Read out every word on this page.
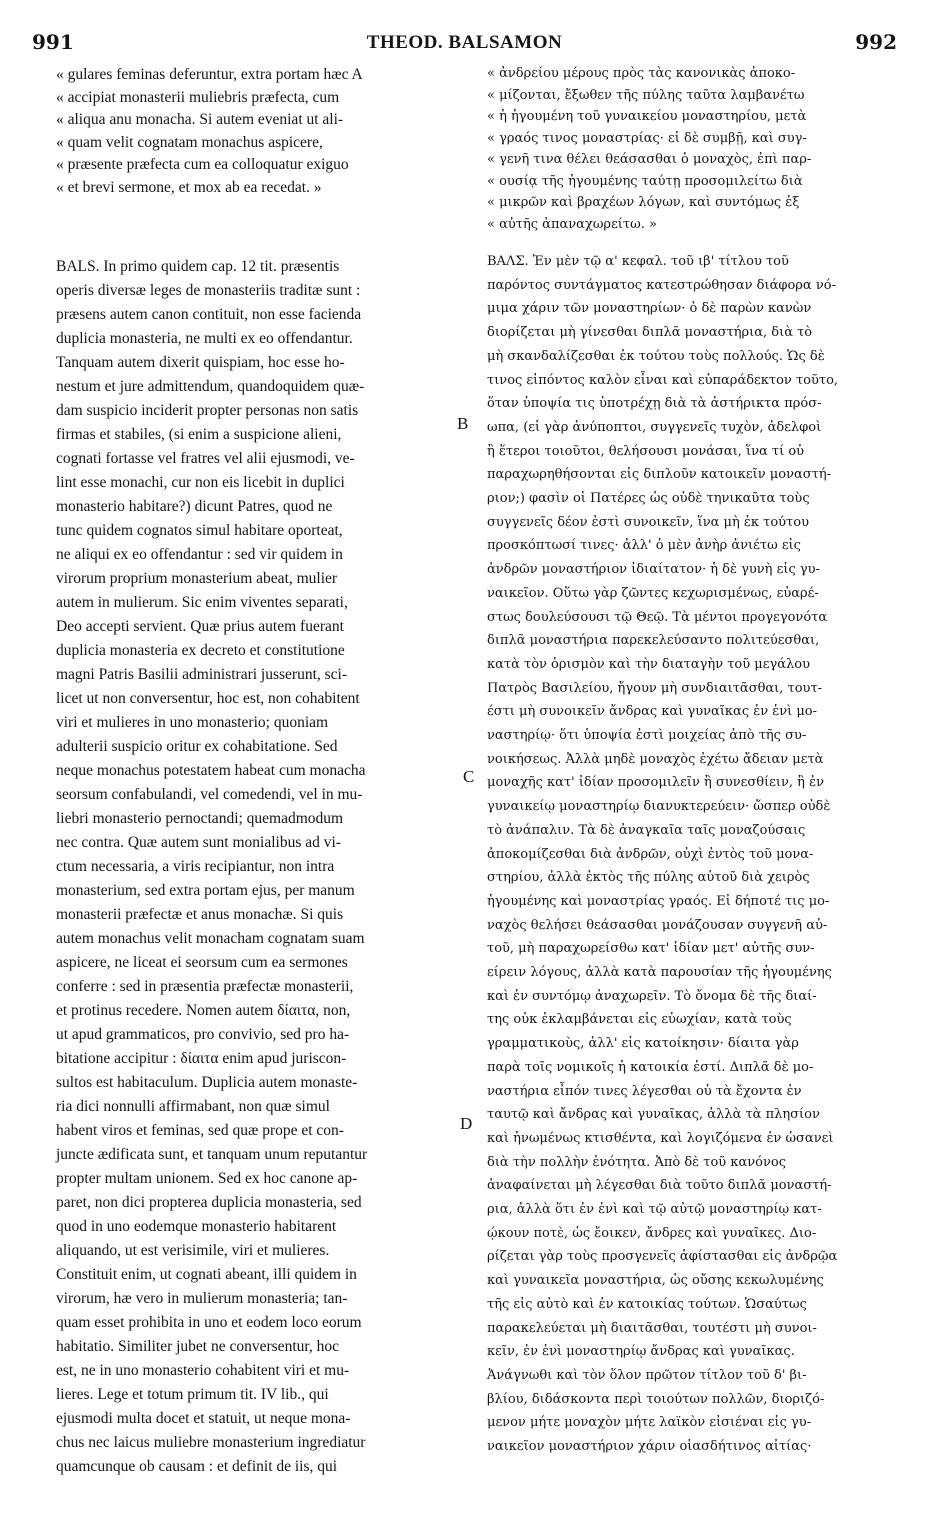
991	THEOD. BALSAMON	992
B
C
D
« gulares feminas deferuntur, extra portam hæc A
« accipiat monasterii muliebris præfecta, cum
« aliqua anu monacha. Si autem eveniat ut ali-
« quam velit cognatam monachus aspicere,
« præsente præfecta cum ea colloquatur exiguo
« et brevi sermone, et mox ab ea recedat. »
BALS. In primo quidem cap. 12 tit. præsentis
operis diversæ leges de monasteriis traditæ sunt :
præsens autem canon contituit, non esse facienda
duplicia monasteria, ne multi ex eo offendantur.
Tanquam autem dixerit quispiam, hoc esse ho-
nestum et jure admittendum, quandoquidem quæ-
dam suspicio inciderit propter personas non satis
firmas et stabiles, (si enim a suspicione alieni,
cognati fortasse vel fratres vel alii ejusmodi, ve-
lint esse monachi, cur non eis licebit in duplici
monasterio habitare?) dicunt Patres, quod ne
tunc quidem cognatos simul habitare oporteat,
ne aliqui ex eo offendantur : sed vir quidem in
virorum proprium monasterium abeat, mulier
autem in mulierum. Sic enim viventes separati,
Deo accepti servient. Quæ prius autem fuerant
duplicia monasteria ex decreto et constitutione
magni Patris Basilii administrari jusserunt, sci-
licet ut non conversentur, hoc est, non cohabitent
viri et mulieres in uno monasterio; quoniam
adulterii suspicio oritur ex cohabitatione. Sed
neque monachus potestatem habeat cum monacha
seorsum confabulandi, vel comedendi, vel in mu-
liebri monasterio pernoctandi; quemadmodum
nec contra. Quæ autem sunt monialibus ad vi-
ctum necessaria, a viris recipiantur, non intra
monasterium, sed extra portam ejus, per manum
monasterii præfectæ et anus monachæ. Si quis
autem monachus velit monacham cognatam suam
aspicere, ne liceat ei seorsum cum ea sermones
conferre : sed in præsentia præfectæ monasterii,
et protinus recedere. Nomen autem δίαιτα, non,
ut apud grammaticos, pro convivio, sed pro ha-
bitatione accipitur : δίαιτα enim apud juriscon-
sultos est habitaculum. Duplicia autem monaste-
ria dici nonnulli affirmabant, non quæ simul
habent viros et feminas, sed quæ prope et con-
juncte ædificata sunt, et tanquam unum reputantur
propter multam unionem. Sed ex hoc canone ap-
paret, non dici propterea duplicia monasteria, sed
quod in uno eodemque monasterio habitarent
aliquando, ut est verisimile, viri et mulieres.
Constituit enim, ut cognati abeant, illi quidem in
virorum, hæ vero in mulierum monasteria; tan-
quam esset prohibita in uno et eodem loco eorum
habitatio. Similiter jubet ne conversentur, hoc
est, ne in uno monasterio cohabitent viri et mu-
lieres. Lege et totum primum tit. IV lib., qui
ejusmodi multa docet et statuit, ut neque mona-
chus nec laicus muliebre monasterium ingrediatur
quamcunque ob causam : et definit de iis, qui
« ἀνδρείου μέρους πρὸς τὰς κανονικὰς ἀποκο-
« μίζονται, ἔξωθεν τῆς πύλης ταῦτα λαμβανέτω
« ἡ ἡγουμένη τοῦ γυναικείου μοναστηρίου, μετὰ
« γραός τινος μοναστρίας· εἰ δὲ συμβῇ, καὶ συγ-
« γενῆ τινα θέλει θεάσασθαι ὁ μοναχὸς, ἐπὶ παρ-
« ουσίᾳ τῆς ἡγουμένης ταύτῃ προσομιλείτω διὰ
« μικρῶν καὶ βραχέων λόγων, καὶ συντόμως ἐξ
« αὐτῆς ἀπαναχωρείτω. »
ΒΑΛΣ. Ἐν μὲν τῷ α' κεφαλ. τοῦ ιβ' τίτλου τοῦ
παρόντος συντάγματος κατεστρώθησαν διάφορα νό-
μιμα χάριν τῶν μοναστηρίων· ὁ δὲ παρὼν κανὼν
διορίζεται μὴ γίνεσθαι διπλᾶ μοναστήρια, διὰ τὸ
μὴ σκανδαλίζεσθαι ἐκ τούτου τοὺς πολλούς. Ὡς δὲ
τινος εἰπόντος καλὸν εἶναι καὶ εὐπαράδεκτον τοῦτο,
ὅταν ὑποψία τις ὑποτρέχῃ διὰ τὰ ἀστήρικτα πρόσ-
ωπα, (εἰ γὰρ ἀνύποπτοι, συγγενεῖς τυχὸν, ἀδελφοὶ
ἢ ἕτεροι τοιοῦτοι, θελήσουσι μονάσαι, ἵνα τί οὐ
παραχωρηθήσονται εἰς διπλοῦν κατοικεῖν μοναστή-
ριον;) φασὶν οἱ Πατέρες ὡς οὐδὲ τηνικαῦτα τοὺς
συγγενεῖς δέον ἐστὶ συνοικεῖν, ἵνα μὴ ἐκ τούτου
προσκόπτωσί τινες· ἀλλ' ὁ μὲν ἀνὴρ ἀνιέτω εἰς
ἀνδρῶν μοναστήριον ἰδιαίτατον· ἡ δὲ γυνὴ εἰς γυ-
ναικεῖον. Οὕτω γὰρ ζῶντες κεχωρισμένως, εὐαρέ-
στως δουλεύσουσι τῷ Θεῷ. Τὰ μέντοι προγεγονότα
διπλᾶ μοναστήρια παρεκελεύσαντο πολιτεύεσθαι,
κατὰ τὸν ὁρισμὸν καὶ τὴν διαταγὴν τοῦ μεγάλου
Πατρὸς Βασιλείου, ἤγουν μὴ συνδιαιτᾶσθαι, τουτ-
έστι μὴ συνοικεῖν ἄνδρας καὶ γυναῖκας ἐν ἑνὶ μο-
ναστηρίῳ· ὅτι ὑποψία ἐστὶ μοιχείας ἀπὸ τῆς συ-
νοικήσεως. Ἀλλὰ μηδὲ μοναχὸς ἐχέτω ἄδειαν μετὰ
μοναχῆς κατ' ἰδίαν προσομιλεῖν ἢ συνεσθίειν, ἢ ἐν
γυναικείῳ μοναστηρίῳ διανυκτερεύειν· ὥσπερ οὐδὲ
τὸ ἀνάπαλιν. Τὰ δὲ ἀναγκαῖα ταῖς μοναζούσαις
ἀποκομίζεσθαι διὰ ἀνδρῶν, οὐχὶ ἐντὸς τοῦ μονα-
στηρίου, ἀλλὰ ἐκτὸς τῆς πύλης αὐτοῦ διὰ χειρὸς
ἡγουμένης καὶ μοναστρίας γραός. Εἰ δήποτέ τις μο-
ναχὸς θελήσει θεάσασθαι μονάζουσαν συγγενῆ αὐ-
τοῦ, μὴ παραχωρείσθω κατ' ἰδίαν μετ' αὐτῆς συν-
είρειν λόγους, ἀλλὰ κατὰ παρουσίαν τῆς ἡγουμένης
καὶ ἐν συντόμῳ ἀναχωρεῖν. Τὸ ὄνομα δὲ τῆς διαί-
της οὐκ ἐκλαμβάνεται εἰς εὐωχίαν, κατὰ τοὺς
γραμματικοὺς, ἀλλ' εἰς κατοίκησιν· δίαιτα γὰρ
παρὰ τοῖς νομικοῖς ἡ κατοικία ἐστί. Διπλᾶ δὲ μο-
ναστήρια εἶπόν τινες λέγεσθαι οὐ τὰ ἔχοντα ἐν
ταυτῷ καὶ ἄνδρας καὶ γυναῖκας, ἀλλὰ τὰ πλησίον
καὶ ἡνωμένως κτισθέντα, καὶ λογιζόμενα ἐν ὡσανεὶ
διὰ τὴν πολλὴν ἑνότητα. Ἀπὸ δὲ τοῦ κανόνος
ἀναφαίνεται μὴ λέγεσθαι διὰ τοῦτο διπλᾶ μοναστή-
ρια, ἀλλὰ ὅτι ἐν ἑνὶ καὶ τῷ αὐτῷ μοναστηρίῳ κατ-
ῴκουν ποτὲ, ὡς ἔοικεν, ἄνδρες καὶ γυναῖκες. Διο-
ρίζεται γὰρ τοὺς προσγενεῖς ἀφίστασθαι εἰς ἀνδρῷα
καὶ γυναικεῖα μοναστήρια, ὡς οὔσης κεκωλυμένης
τῆς εἰς αὐτὸ καὶ ἐν κατοικίας τούτων. Ὡσαύτως
παρακελεύεται μὴ διαιτᾶσθαι, τουτέστι μὴ συνοι-
κεῖν, ἐν ἑνὶ μοναστηρίῳ ἄνδρας καὶ γυναῖκας.
Ἀνάγνωθι καὶ τὸν ὅλον πρῶτον τίτλον τοῦ δ' βι-
βλίου, διδάσκοντα περὶ τοιούτων πολλῶν, διοριζό-
μενον μήτε μοναχὸν μήτε λαϊκὸν εἰσιέναι εἰς γυ-
ναικεῖον μοναστήριον χάριν οἱασδήτινος αἰτίας·
